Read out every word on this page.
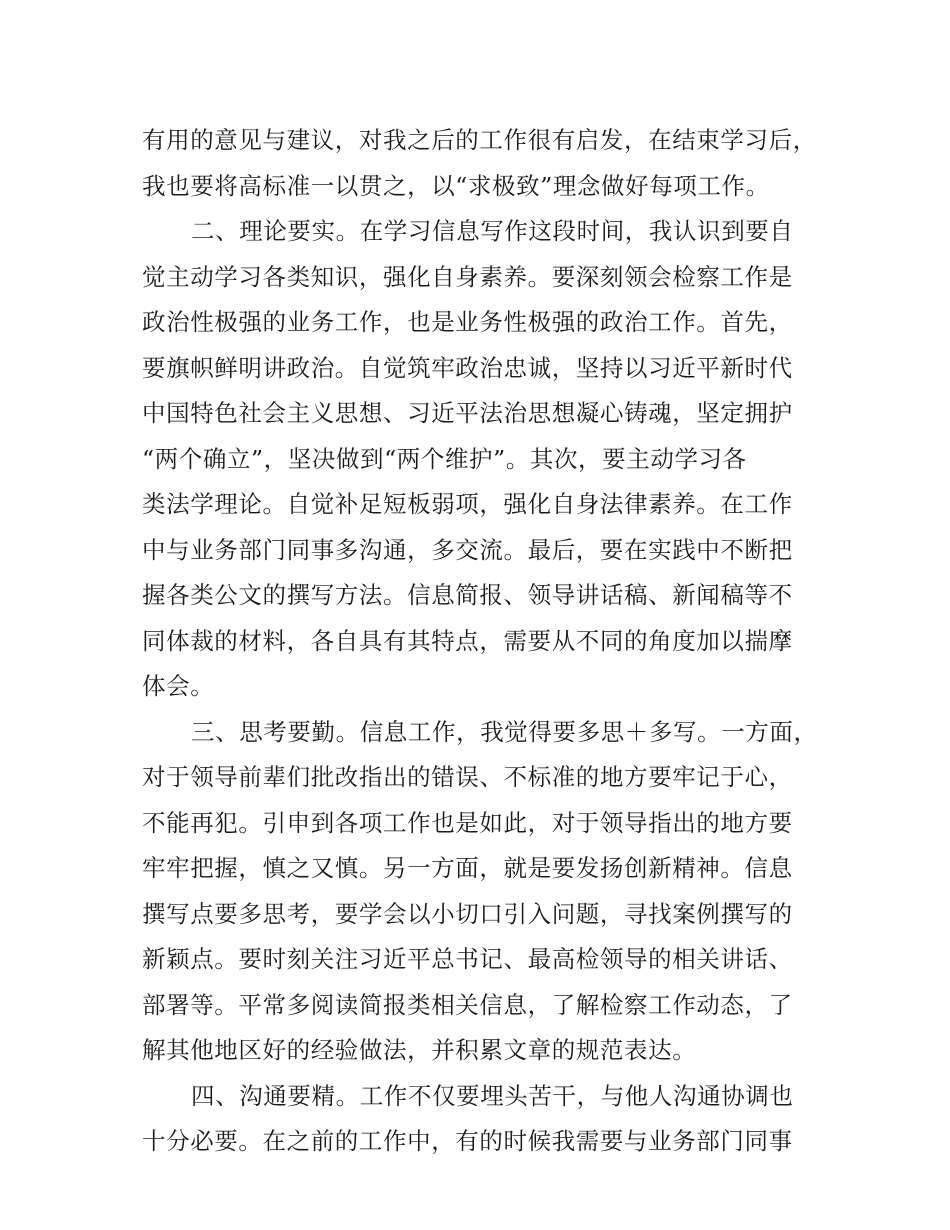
有用的意见与建议，对我之后的工作很有启发，在结束学习后，
我也要将高标准一以贯之，以“求极致”理念做好每项工作。
二、理论要实。在学习信息写作这段时间，我认识到要自
觉主动学习各类知识，强化自身素养。要深刻领会检察工作是
政治性极强的业务工作，也是业务性极强的政治工作。首先，
要旗帜鲜明讲政治。自觉筑牢政治忠诚，坚持以习近平新时代
中国特色社会主义思想、习近平法治思想凝心铸魂，坚定拥护
“两个确立”，坚决做到“两个维护”。其次，要主动学习各
类法学理论。自觉补足短板弱项，强化自身法律素养。在工作
中与业务部门同事多沟通，多交流。最后，要在实践中不断把
握各类公文的撰写方法。信息简报、领导讲话稿、新闻稿等不
同体裁的材料，各自具有其特点，需要从不同的角度加以揣摩
体会。
三、思考要勤。信息工作，我觉得要多思＋多写。一方面，
对于领导前辈们批改指出的错误、不标准的地方要牢记于心，
不能再犯。引申到各项工作也是如此，对于领导指出的地方要
牢牢把握，慎之又慎。另一方面，就是要发扬创新精神。信息
撰写点要多思考，要学会以小切口引入问题，寻找案例撰写的
新颖点。要时刻关注习近平总书记、最高检领导的相关讲话、
部署等。平常多阅读简报类相关信息，了解检察工作动态，了
解其他地区好的经验做法，并积累文章的规范表达。
四、沟通要精。工作不仅要埋头苦干，与他人沟通协调也
十分必要。在之前的工作中，有的时候我需要与业务部门同事
